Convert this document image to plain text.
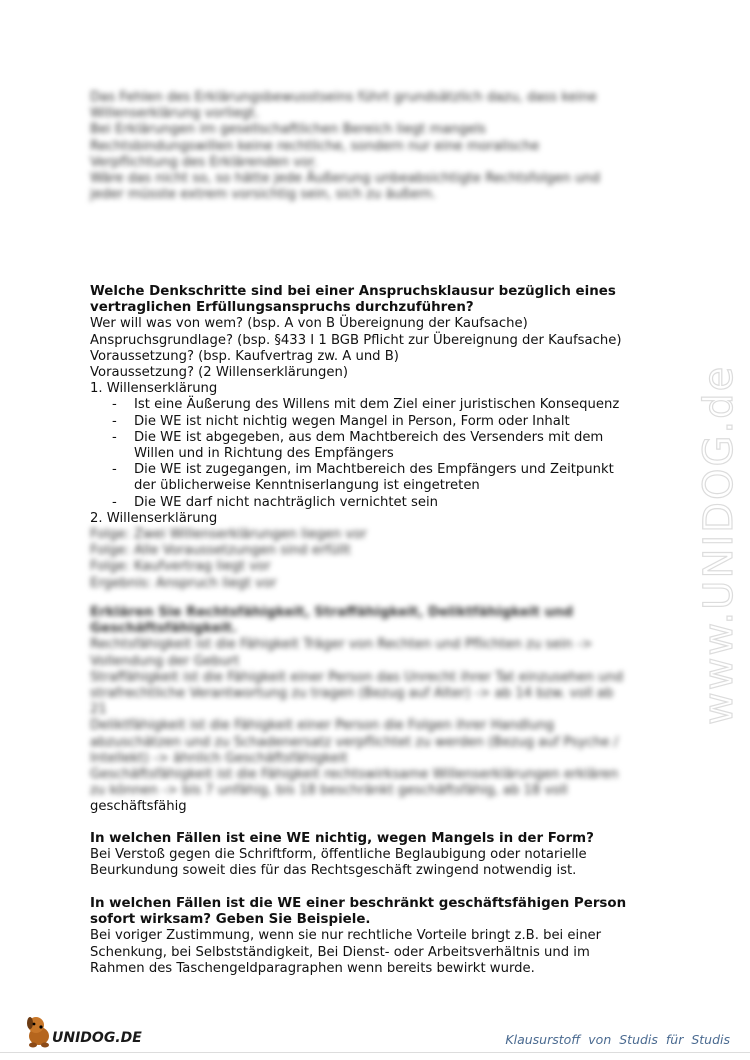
Das Fehlen des Erklärungsbewusstseins führt grundsätzlich dazu, dass keine
Willenserklärung vorliegt.
Bei Erklärungen im gesellschaftlichen Bereich liegt mangels
Rechtsbindungswillen keine rechtliche, sondern nur eine moralische
Verpflichtung des Erklärenden vor.
Wäre das nicht so, so hätte jede Äußerung unbeabsichtigte Rechtsfolgen und
jeder müsste extrem vorsichtig sein, sich zu äußern.
Welche Denkschritte sind bei einer Anspruchsklausur bezüglich eines
vertraglichen Erfüllungsanspruchs durchzuführen?
Wer will was von wem? (bsp. A von B Übereignung der Kaufsache)
Anspruchsgrundlage? (bsp. §433 I 1 BGB Pflicht zur Übereignung der Kaufsache)
Voraussetzung? (bsp. Kaufvertrag zw. A und B)
Voraussetzung? (2 Willenserklärungen)
1. Willenserklärung
- Ist eine Äußerung des Willens mit dem Ziel einer juristischen Konsequenz
- Die WE ist nicht nichtig wegen Mangel in Person, Form oder Inhalt
- Die WE ist abgegeben, aus dem Machtbereich des Versenders mit dem
Willen und in Richtung des Empfängers
- Die WE ist zugegangen, im Machtbereich des Empfängers und Zeitpunkt
der üblicherweise Kenntniserlangung ist eingetreten
- Die WE darf nicht nachträglich vernichtet sein
2. Willenserklärung
Folge: Zwei Willenserklärungen liegen vor
Folge: Alle Voraussetzungen sind erfüllt
Folge: Kaufvertrag liegt vor
Ergebnis: Anspruch liegt vor
Erklären Sie Rechtsfähigkeit, Straffähigkeit, Deliktfähigkeit und
Geschäftsfähigkeit.
Rechtsfähigkeit ist die Fähigkeit Träger von Rechten und Pflichten zu sein ->
Vollendung der Geburt
Straffähigkeit ist die Fähigkeit einer Person das Unrecht ihrer Tat einzusehen und
strafrechtliche Verantwortung zu tragen (Bezug auf Alter) -> ab 14 bzw. voll ab
21
Deliktfähigkeit ist die Fähigkeit einer Person die Folgen ihrer Handlung
abzuschätzen und zu Schadenersatz verpflichtet zu werden (Bezug auf Psyche /
Intellekt) -> ähnlich Geschäftsfähigkeit
Geschäftsfähigkeit ist die Fähigkeit rechtswirksame Willenserklärungen erklären
zu können -> bis 7 unfähig, bis 18 beschränkt geschäftsfähig, ab 18 voll
geschäftsfähig
In welchen Fällen ist eine WE nichtig, wegen Mangels in der Form?
Bei Verstoß gegen die Schriftform, öffentliche Beglaubigung oder notarielle
Beurkundung soweit dies für das Rechtsgeschäft zwingend notwendig ist.
In welchen Fällen ist die WE einer beschränkt geschäftsfähigen Person
sofort wirksam? Geben Sie Beispiele.
Bei voriger Zustimmung, wenn sie nur rechtliche Vorteile bringt z.B. bei einer
Schenkung, bei Selbstständigkeit, Bei Dienst- oder Arbeitsverhältnis und im
Rahmen des Taschengeldparagraphen wenn bereits bewirkt wurde.
www.UNIDOG.de
UNIDOG.DE	Klausurstoff von Studis für Studis
